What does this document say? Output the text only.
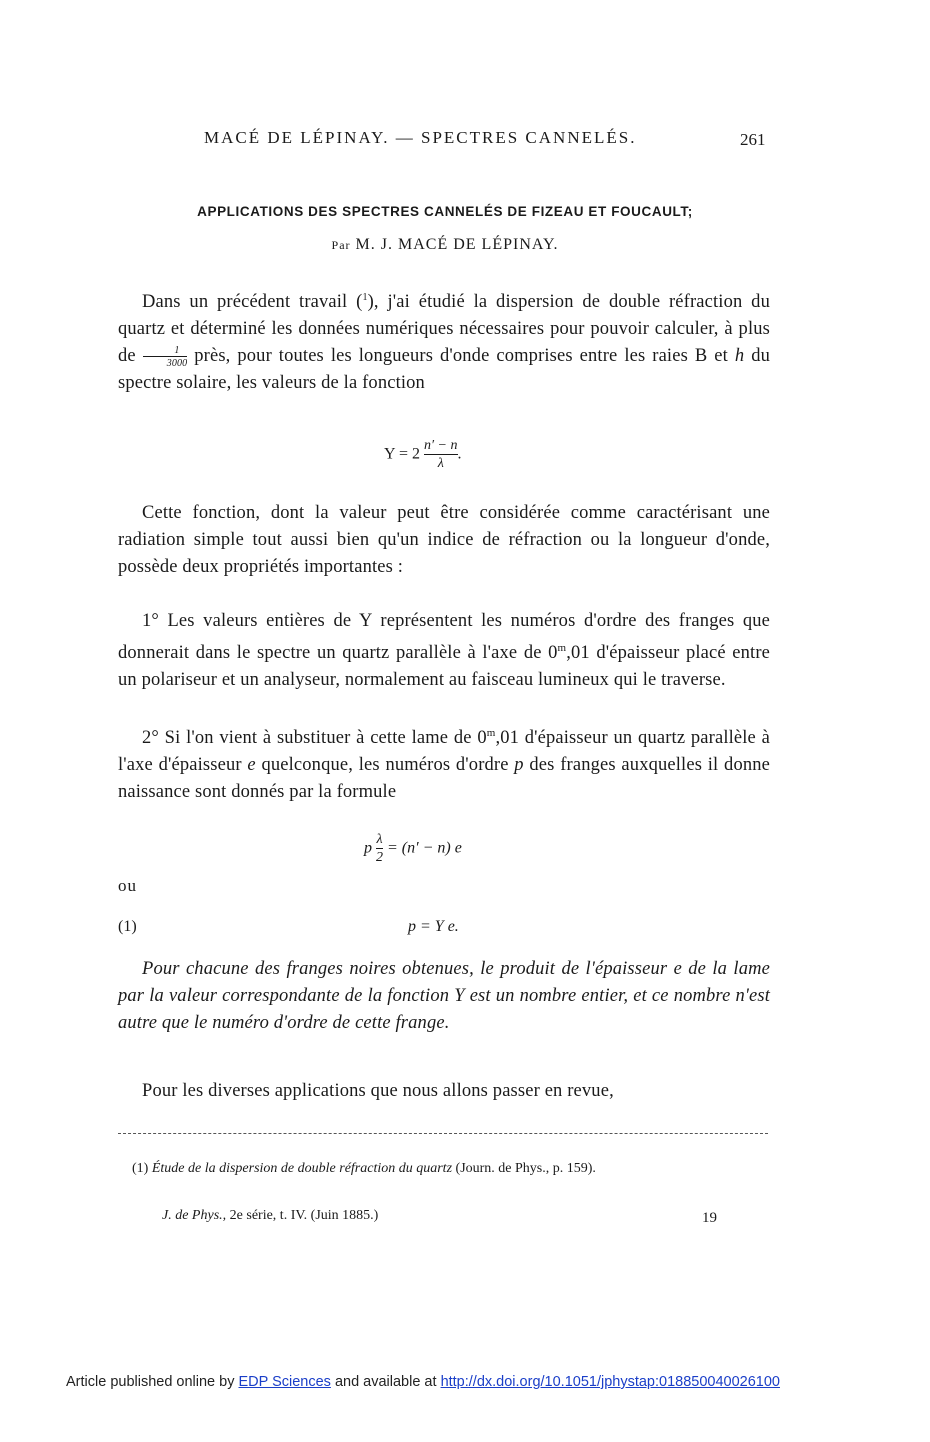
MACÉ DE LÉPINAY. — SPECTRES CANNELÉS.	261
APPLICATIONS DES SPECTRES CANNELÉS DE FIZEAU ET FOUCAULT;
Par M. J. MACÉ DE LÉPINAY.
Dans un précédent travail ($^1$), j'ai étudié la dispersion de double réfraction du quartz et déterminé les données numériques nécessaires pour pouvoir calculer, à plus de $\frac{1}{3000}$ près, pour toutes les longueurs d'onde comprises entre les raies B et h du spectre solaire, les valeurs de la fonction
$Y = 2 \frac{n' - n}{\lambda}$ .
Cette fonction, dont la valeur peut être considérée comme caractérisant une radiation simple tout aussi bien qu'un indice de réfraction ou la longueur d'onde, possède deux propriétés importantes :
1° Les valeurs entières de Y représentent les numéros d'ordre des franges que donnerait dans le spectre un quartz parallèle à l'axe de 0$^m$,01 d'épaisseur placé entre un polariseur et un analyseur, normalement au faisceau lumineux qui le traverse.
2° Si l'on vient à substituer à cette lame de 0$^m$,01 d'épaisseur un quartz parallèle à l'axe d'épaisseur e quelconque, les numéros d'ordre p des franges auxquelles il donne naissance sont donnés par la formule
p $\frac{\lambda}{2} = (n' - n)$ e
ou
(1)	p = Y e.
Pour chacune des franges noires obtenues, le produit de l'épaisseur e de la lame par la valeur correspondante de la fonction Y est un nombre entier, et ce nombre n'est autre que le numéro d'ordre de cette frange.
Pour les diverses applications que nous allons passer en revue,
(1) Étude de la dispersion de double réfraction du quartz (Journ. de Phys., p. 159).
J. de Phys., 2e série, t. IV. (Juin 1885.)	19
Article published online by EDP Sciences and available at http://dx.doi.org/10.1051/jphystap:018850040026100
